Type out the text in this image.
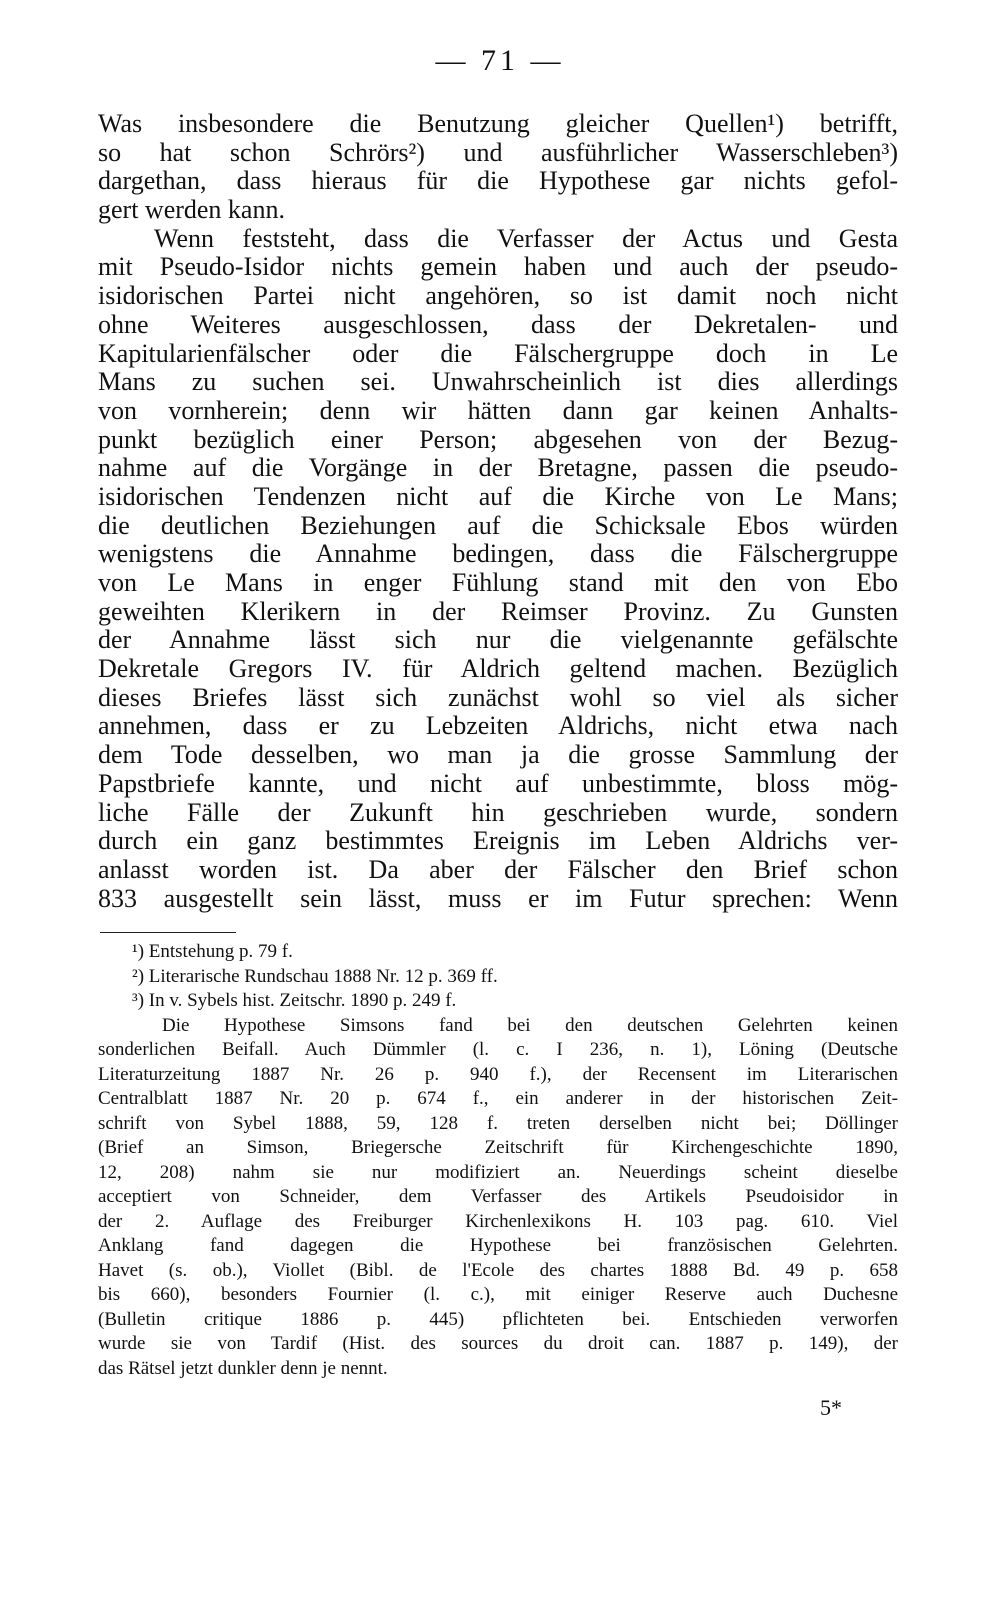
— 71 —
Was insbesondere die Benutzung gleicher Quellen¹) betrifft,
so hat schon Schrörs²) und ausführlicher Wasserschleben³)
dargethan, dass hieraus für die Hypothese gar nichts gefol-
gert werden kann.
Wenn feststeht, dass die Verfasser der Actus und Gesta
mit Pseudo-Isidor nichts gemein haben und auch der pseudo-
isidorischen Partei nicht angehören, so ist damit noch nicht
ohne Weiteres ausgeschlossen, dass der Dekretalen- und
Kapitularienfälscher oder die Fälschergruppe doch in Le
Mans zu suchen sei. Unwahrscheinlich ist dies allerdings
von vornherein; denn wir hätten dann gar keinen Anhalts-
punkt bezüglich einer Person; abgesehen von der Bezug-
nahme auf die Vorgänge in der Bretagne, passen die pseudo-
isidorischen Tendenzen nicht auf die Kirche von Le Mans;
die deutlichen Beziehungen auf die Schicksale Ebos würden
wenigstens die Annahme bedingen, dass die Fälschergruppe
von Le Mans in enger Fühlung stand mit den von Ebo
geweihten Klerikern in der Reimser Provinz. Zu Gunsten
der Annahme lässt sich nur die vielgenannte gefälschte
Dekretale Gregors IV. für Aldrich geltend machen. Bezüglich
dieses Briefes lässt sich zunächst wohl so viel als sicher
annehmen, dass er zu Lebzeiten Aldrichs, nicht etwa nach
dem Tode desselben, wo man ja die grosse Sammlung der
Papstbriefe kannte, und nicht auf unbestimmte, bloss mög-
liche Fälle der Zukunft hin geschrieben wurde, sondern
durch ein ganz bestimmtes Ereignis im Leben Aldrichs ver-
anlasst worden ist. Da aber der Fälscher den Brief schon
833 ausgestellt sein lässt, muss er im Futur sprechen: Wenn
¹) Entstehung p. 79 f.
²) Literarische Rundschau 1888 Nr. 12 p. 369 ff.
³) In v. Sybels hist. Zeitschr. 1890 p. 249 f.
Die Hypothese Simsons fand bei den deutschen Gelehrten keinen
sonderlichen Beifall. Auch Dümmler (l. c. I 236, n. 1), Löning (Deutsche
Literaturzeitung 1887 Nr. 26 p. 940 f.), der Recensent im Literarischen
Centralblatt 1887 Nr. 20 p. 674 f., ein anderer in der historischen Zeit-
schrift von Sybel 1888, 59, 128 f. treten derselben nicht bei; Döllinger
(Brief an Simson, Briegersche Zeitschrift für Kirchengeschichte 1890,
12, 208) nahm sie nur modifiziert an. Neuerdings scheint dieselbe
acceptiert von Schneider, dem Verfasser des Artikels Pseudoisidor in
der 2. Auflage des Freiburger Kirchenlexikons H. 103 pag. 610. Viel
Anklang fand dagegen die Hypothese bei französischen Gelehrten.
Havet (s. ob.), Viollet (Bibl. de l'Ecole des chartes 1888 Bd. 49 p. 658
bis 660), besonders Fournier (l. c.), mit einiger Reserve auch Duchesne
(Bulletin critique 1886 p. 445) pflichteten bei. Entschieden verworfen
wurde sie von Tardif (Hist. des sources du droit can. 1887 p. 149), der
das Rätsel jetzt dunkler denn je nennt.
5*
